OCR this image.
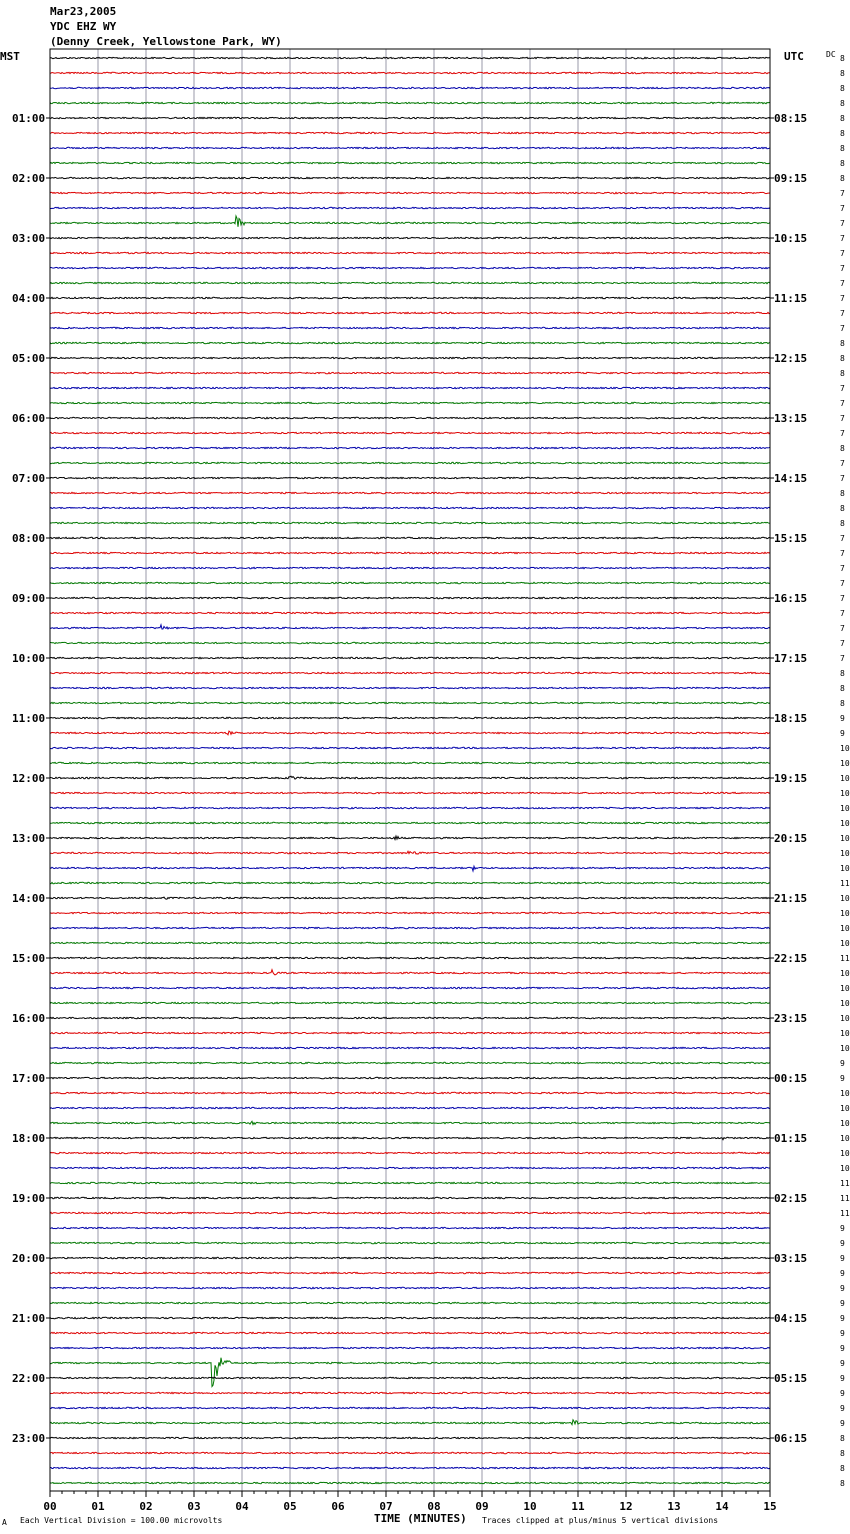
Mar23,2005
YDC EHZ WY
(Denny Creek, Yellowstone Park, WY)
8
8
8
8
8
8
8
8
8
7
7
7
7
7
7
7
7
7
7
8
8
8
7
7
7
7
8
7
7
8
8
8
7
7
7
7
7
7
7
7
7
8
8
8
9
9
10
10
10
10
10
10
10
10
10
11
10
10
10
10
11
10
10
10
10
10
10
9
9
10
10
10
10
10
10
11
11
11
9
9
9
9
9
9
9
9
9
9
9
9
9
9
8
8
8
8
01:00
02:00
03:00
04:00
05:00
06:00
07:00
08:00
09:00
10:00
11:00
12:00
13:00
14:00
15:00
16:00
17:00
18:00
19:00
20:00
21:00
22:00
23:00
08:15
09:15
10:15
11:15
12:15
13:15
14:15
15:15
16:15
17:15
18:15
19:15
20:15
21:15
22:15
23:15
00:15
01:15
02:15
03:15
04:15
05:15
06:15
00	01	02	03	04	05	06	07	08	09	10	11	12	13	14	15
MST	UTC	DC
A Each Vertical Division = 100.00 microvolts	TIME (MINUTES) Traces clipped at plus/minus 5 vertical divisions
